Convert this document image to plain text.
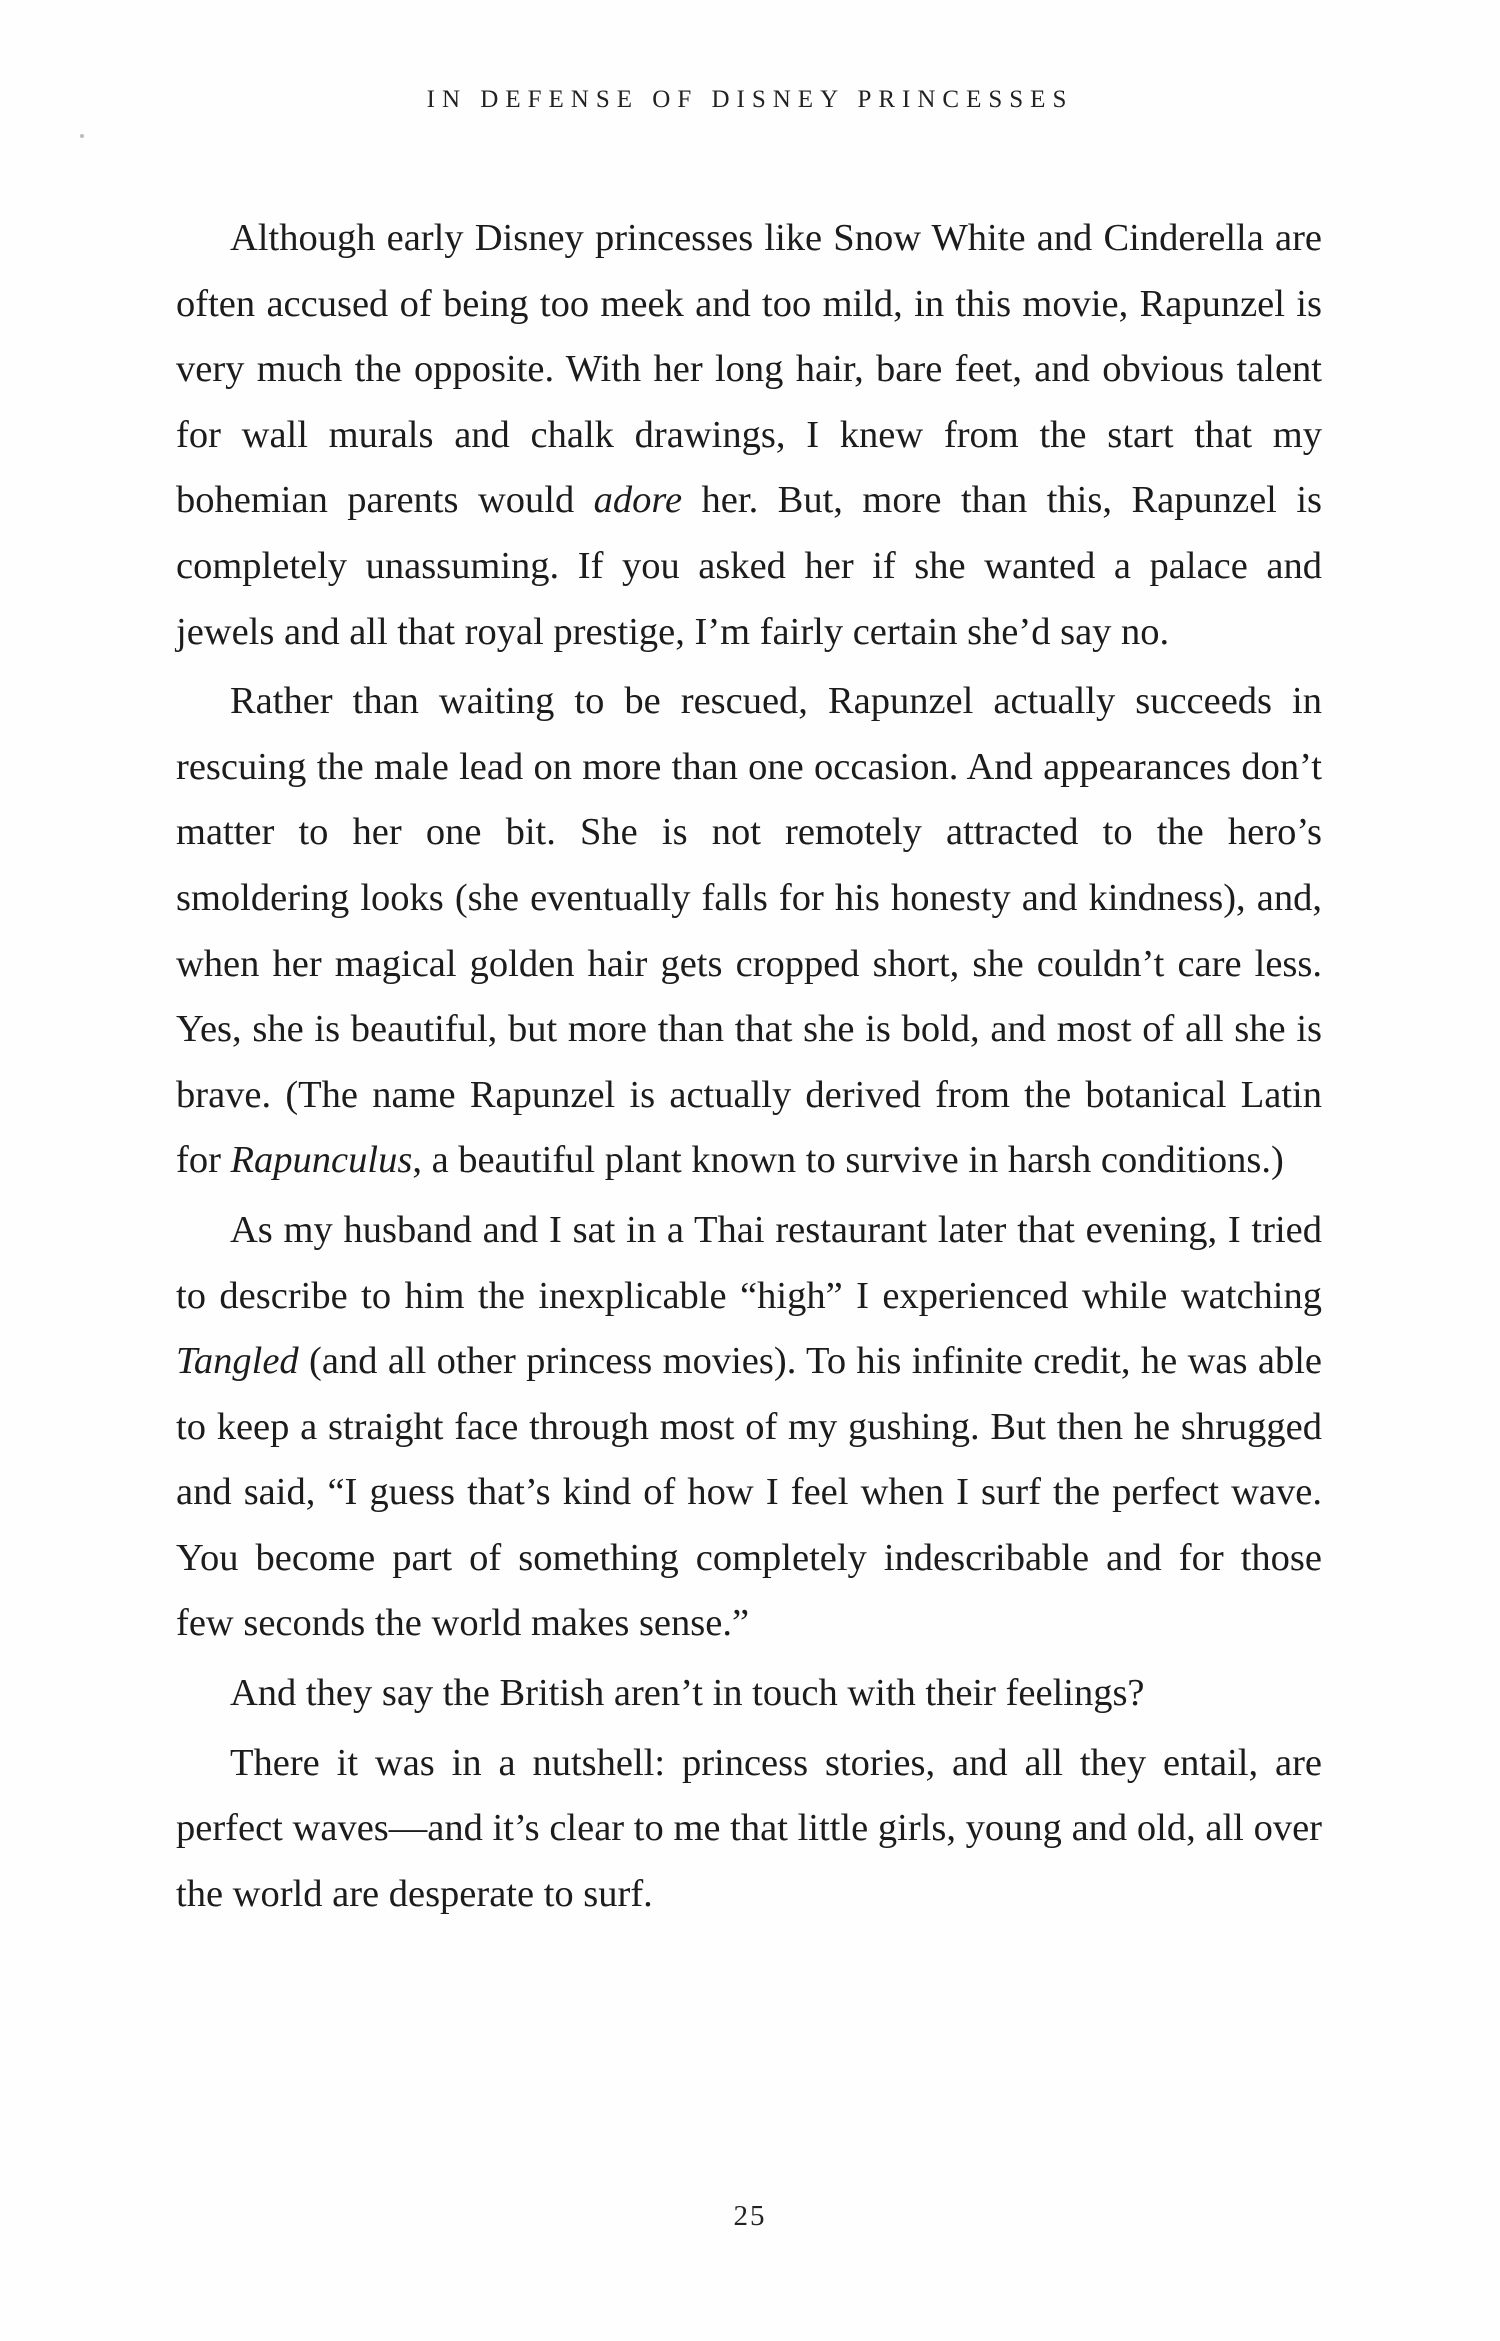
IN DEFENSE OF DISNEY PRINCESSES

Although early Disney princesses like Snow White and Cinderella are often accused of being too meek and too mild, in this movie, Rapunzel is very much the opposite. With her long hair, bare feet, and obvious talent for wall murals and chalk drawings, I knew from the start that my bohemian parents would adore her. But, more than this, Rapunzel is completely unassuming. If you asked her if she wanted a palace and jewels and all that royal prestige, I’m fairly certain she’d say no.

Rather than waiting to be rescued, Rapunzel actually succeeds in rescuing the male lead on more than one occasion. And appearances don’t matter to her one bit. She is not remotely attracted to the hero’s smoldering looks (she eventually falls for his honesty and kindness), and, when her magical golden hair gets cropped short, she couldn’t care less. Yes, she is beautiful, but more than that she is bold, and most of all she is brave. (The name Rapunzel is actually derived from the botanical Latin for Rapunculus, a beautiful plant known to survive in harsh conditions.)

As my husband and I sat in a Thai restaurant later that evening, I tried to describe to him the inexplicable “high” I experienced while watching Tangled (and all other princess movies). To his infinite credit, he was able to keep a straight face through most of my gushing. But then he shrugged and said, “I guess that’s kind of how I feel when I surf the perfect wave. You become part of something completely indescribable and for those few seconds the world makes sense.”

And they say the British aren’t in touch with their feelings?

There it was in a nutshell: princess stories, and all they entail, are perfect waves—and it’s clear to me that little girls, young and old, all over the world are desperate to surf.

25
